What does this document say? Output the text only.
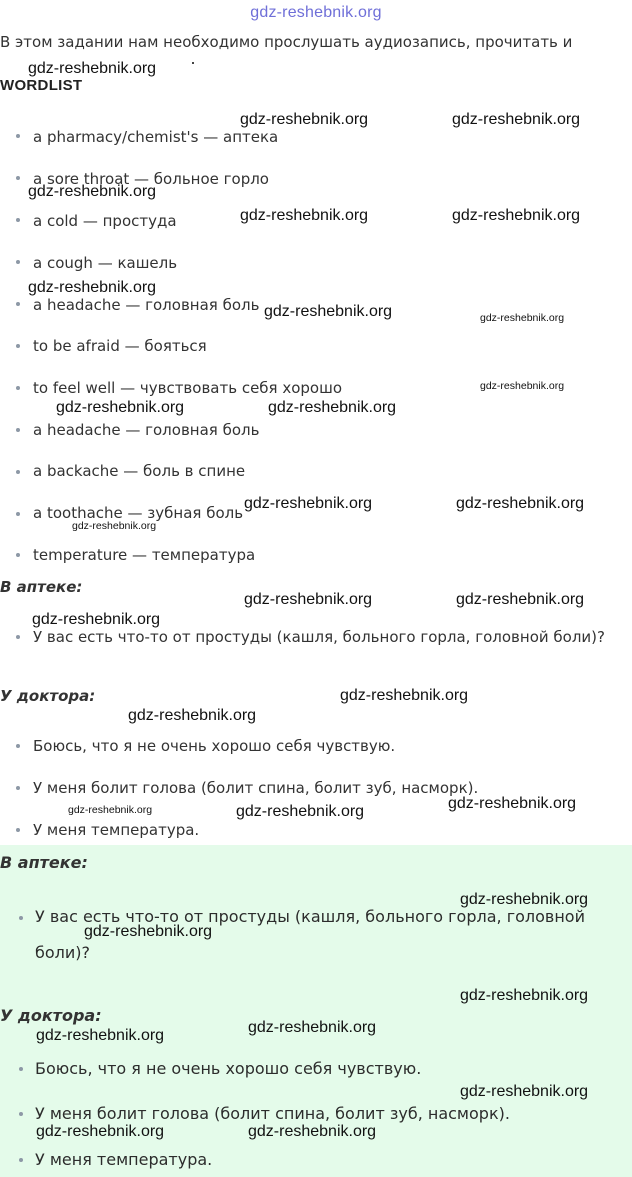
gdz-reshebnik.org

В этом задании нам необходимо прослушать аудиозапись, прочитать и

WORDLIST
• a pharmacy/chemist's — аптека
• a sore throat — больное горло
• a cold — простуда
• a cough — кашель
• a headache — головная боль
• to be afraid — бояться
• to feel well — чувствовать себя хорошо
• a headache — головная боль
• a backache — боль в спине
• a toothache — зубная боль
• temperature — температура
В аптеке:
• У вас есть что-то от простуды (кашля, больного горла, головной боли)?
У доктора:
• Боюсь, что я не очень хорошо себя чувствую.
• У меня болит голова (болит спина, болит зуб, насморк).
• У меня температура.
В аптеке:

У вас есть что-то от простуды (кашля, больного горла, головной

боли)?

У доктора:

Боюсь, что я не очень хорошо себя чувствую.

У меня болит голова (болит спина, болит зуб, насморк).

У меня температура.

gdz-reshebnik.org
gdz-reshebnik.org	gdz-reshebnik.org
gdz-reshebnik.org
gdz-reshebnik.org	gdz-reshebnik.org
gdz-reshebnik.org
gdz-reshebnik.org	gdz-reshebnik.org
gdz-reshebnik.org
gdz-reshebnik.org	gdz-reshebnik.org
gdz-reshebnik.org	gdz-reshebnik.org
gdz-reshebnik.org
gdz-reshebnik.org	gdz-reshebnik.org
gdz-reshebnik.org
gdz-reshebnik.org
gdz-reshebnik.org
gdz-reshebnik.org
gdz-reshebnik.org	gdz-reshebnik.org
gdz-reshebnik.org
gdz-reshebnik.org
gdz-reshebnik.org
gdz-reshebnik.org
gdz-reshebnik.org
gdz-reshebnik.org
gdz-reshebnik.org	gdz-reshebnik.org
